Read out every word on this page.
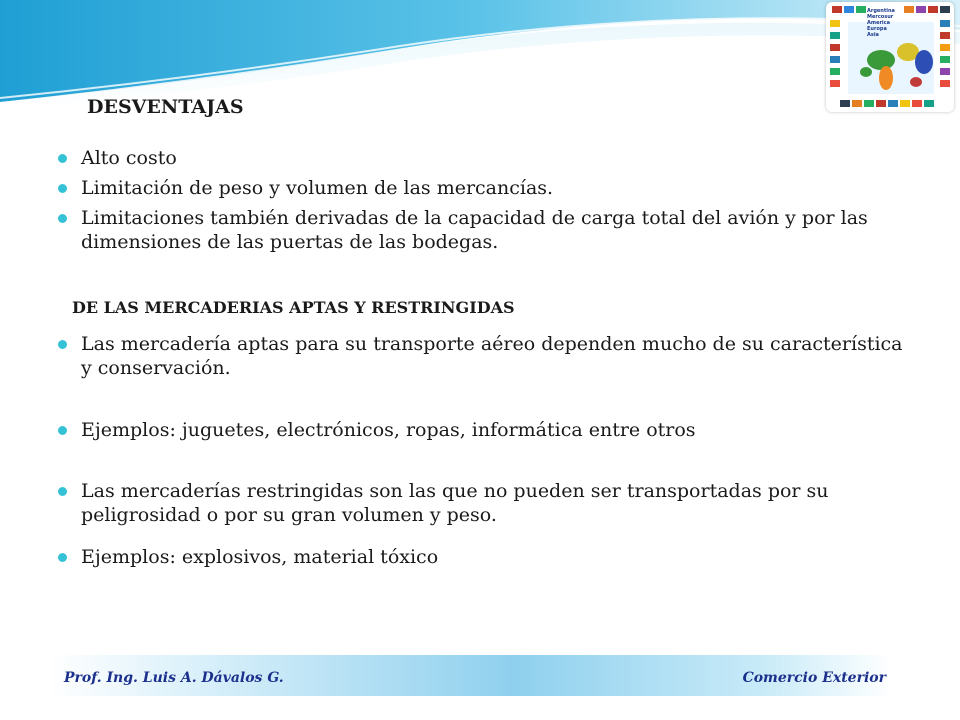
Argentina
Mercosur
America
Europa
Asia
DESVENTAJAS
Alto costo
Limitación de peso y volumen de las mercancías.
Limitaciones también derivadas de la capacidad de carga total del avión y por las dimensiones de las puertas de las bodegas.
DE LAS MERCADERIAS APTAS Y RESTRINGIDAS
Las mercadería aptas para su transporte aéreo dependen mucho de su característica y conservación.
Ejemplos: juguetes, electrónicos, ropas, informática entre otros
Las mercaderías restringidas son las que no pueden ser transportadas por su peligrosidad o por su gran volumen y peso.
Ejemplos: explosivos, material tóxico
Prof. Ing. Luis A. Dávalos G.	Comercio Exterior
